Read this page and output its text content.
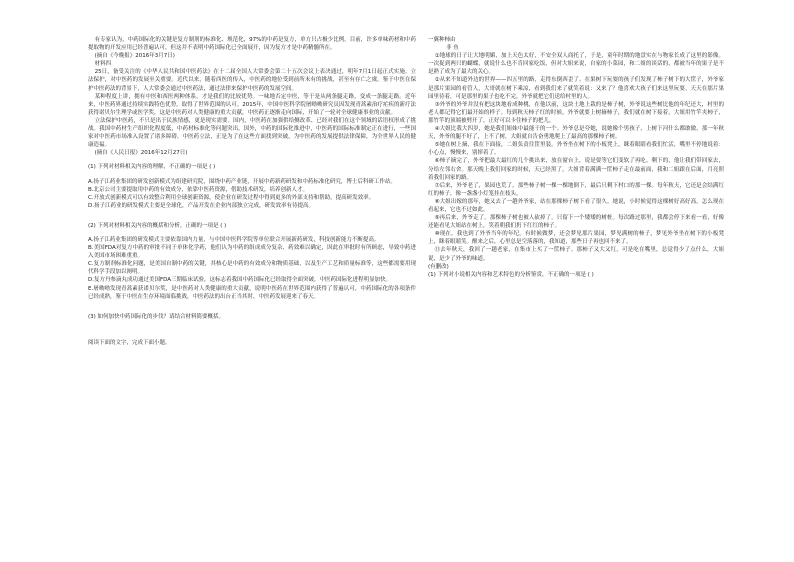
有专家认为，中药国际化的关键是复方制剂的标准化、规范化，97%的中药是复方，单方只占极少比例。目前，许多单味药材和中药提取物的开发应用已经普遍认可，但这并不表明中药国际化已全面展开，因为复方才是中药精髓所在。

(摘自《今晚报》2016年3月7日)

材料四

25日，备受关注的《中华人民共和国中医药法》在十二届全国人大常委会第二十五次会议上表决通过，明年7月1日起正式实施。立法保护，对中医药的发展至关重要。近代以来，随着西医的传入，中医药的地位受到前所未有的挑战，甚至有存亡之虞。鉴于中医在保护中医药法的背景下，人大常委会通过中医药法，通过法律来保护中医药的发展空间。

某种程度上讲，拥有中医和西医两种体系，才是我们的比较优势。一味地否定中医，等于是从两条腿走路，变成一条腿走路。近年来，中医药界通过持续实践特色优势，取得了世界范围的认可。2015年，中国中医科学院屠呦呦研究员因发现青蒿素治疗疟疾的新疗法获得诺贝尔生理学或医学奖，这是中医药对人类健康的重大贡献，中医药正逐渐走向国际，开始了一轮对全球健康事业的贡献。

立法保护中医药，不只是出于民族情感，更是现实需要。国内，中医药在加强供给侧改革、已经对我们在这个领域的话语权形成了挑战。我国中药材生产组织化程度低，中药材标准化等问题突出。国外，中药的国际化推进中，中医药的国际标准制定正在进行，一些国家对中医药市场准入设置了诸多障碍。中医药立法，正是为了在这些方面找到突破，为中医药的发展提供法律保障，为全世界人民的健康造福。

(摘自《人民日报》2016年12月27日)

(1) 下列对材料相关内容的理解，不正确的一项是 ( )

A.扬子江药业集团的研发创新模式为组建研究院，围绕中药产业链，开展中药新药研发和中药标准化研究，博士后科研工作站。

B.北京公司主要提取用中药的有效成分，依靠中医药资源，借助技术研发，培养创新人才。

C.开放式创新模式可以有效整合利用全球创新资源，使企业在研发过程中得到更多的外部支持和帮助，提高研发效率。

D.扬子江药业的研发模式主要是全球化，产品开发在企业内部独立完成，研发效率有待提高。

(2) 下列对材料相关内容的概括和分析，正确的一项是 ( )

A.扬子江药业集团的研发模式主要依靠国内力量，与中国中医科学院等单位联合开展新药研发，科技创新能力不断提高。

B.美国FDA对复方中药的审批不同于单体化学药，他们认为中药的组成成分复杂，药效难以确定，因此在审批时有所顾虑，导致中药进入美国市场困难重重。

C.复方制剂标准化问题，是美国自制中药的关键，其核心是中药的有效成分和物质基础，以及生产工艺和质量标准等，这些都需要用现代科学手段加以阐明。

D.复方丹参滴丸成功通过美国FDA三期临床试验，这标志着我国中药国际化已经取得全面突破，中医药国际化进程明显加快。

E.屠呦呦发现青蒿素获诺贝尔奖，是中医药对人类健康的重大贡献，说明中医药在世界范围内获得了普遍认可，中药国际化的各项条件已经成熟，鉴于中医在生存环境面临挑战，中医药法的出台正当其时，中医药发展迎来了春天。

(3) 如何加快中药国际化的步伐？请结合材料简要概括。

阅读下面的文字，完成下面小题。

一翼种柿由

非 鱼

①地球的日子让大地明媚，加上天色太好，不安全双人商托了，于是，童年时期的地盘实在与物家长成了这里的影像。一次捉到两只的蝴蝶，就说什么也不肯回家吃饭，但对大姐来说，自家的小菜园，和二姐的谈话的，都被当年的果子是不是熟了成为了最大的关心。

②从来不知道外边的世界——四五里的路，走得东倒西歪了。在果树下玩耍的孩子们发现了柿子树下的大筐子，外爷家是那片果园的看管人，大哥就在树下乘凉，看到我们来了就笑着说：又来了？他喜欢大孩子们来这里玩耍。天天在那片果园里待着，可是那里的果子也吃不完，外爷就把它们送给村里的人。

③外爷的外爷并没有把这块地看成种桃，在他以前，这块土地上栽的是柿子树，外爷说这些树比他的年纪还大，村里的老人都记得它们最开始的样子。每到秋天柿子红的时候，外爷就要上树摘柿子，我们就在树下接着，大姐用竹竿夹柿子，那竹竿的顶端被劈开了，正好可以卡住柿子的把儿。

④大姐比我大四岁，她是我们姐妹中最能干的一个。外爷总是夸她，说她像个男孩子，上树下河什么都敢做。那一年秋天，外爷的腿不好了，上不了树，大姐就自告奋勇地爬上了最高的那棵柿子树。

⑤她在树上摘，我在下面接，二姐负责往筐里装。外爷坐在树下的小板凳上，眯着眼睛看我们忙活，嘴里不停地说着：小心点，慢慢来，别摔着了。

⑥柿子摘完了，外爷把最大最红的几个挑出来，放在窗台上，说是要等它们变软了再吃。剩下的，他让我们带回家去，分给左邻右舍。那天晚上我们回家的时候，天已经黑了，大姐背着满满一筐柿子走在最前面，我和二姐跟在后面，月亮照着我们回家的路。

⑦后来，外爷老了，果园也荒了。那些柿子树一棵一棵地倒下，最后只剩下村口的那一棵。每年秋天，它还是会结满红红的柿子，像一盏盏小灯笼挂在枝头。

⑧大姐出嫁的那年，她又去了一趟外爷家，站在那棵柿子树下看了很久。她说，小时候觉得这棵树好高好高，怎么现在看起来，它也不过如此。

⑨再后来，外爷走了。那棵柿子树也被人砍掉了，只留下一个矮矮的树桩。每次路过那里，我都会停下来看一看，好像还能看见大姐站在树上，笑着朝我们扔下红红的柿子。

⑩现在，我也到了外爷当年的年纪。有时候做梦，还会梦见那片果园，梦见满树的柿子，梦见外爷坐在树下的小板凳上，眯着眼睛笑。醒来之后，心里总是空落落的，我知道，那些日子再也回不来了。

⑪去年秋天，我回了一趟老家，在集市上买了一筐柿子。那柿子又大又红，可是吃在嘴里，总觉得少了点什么。大姐说，是少了外爷的味道。

(有删改)

(1) 下列对小说相关内容和艺术特色的分析鉴赏，不正确的一项是 ( )
